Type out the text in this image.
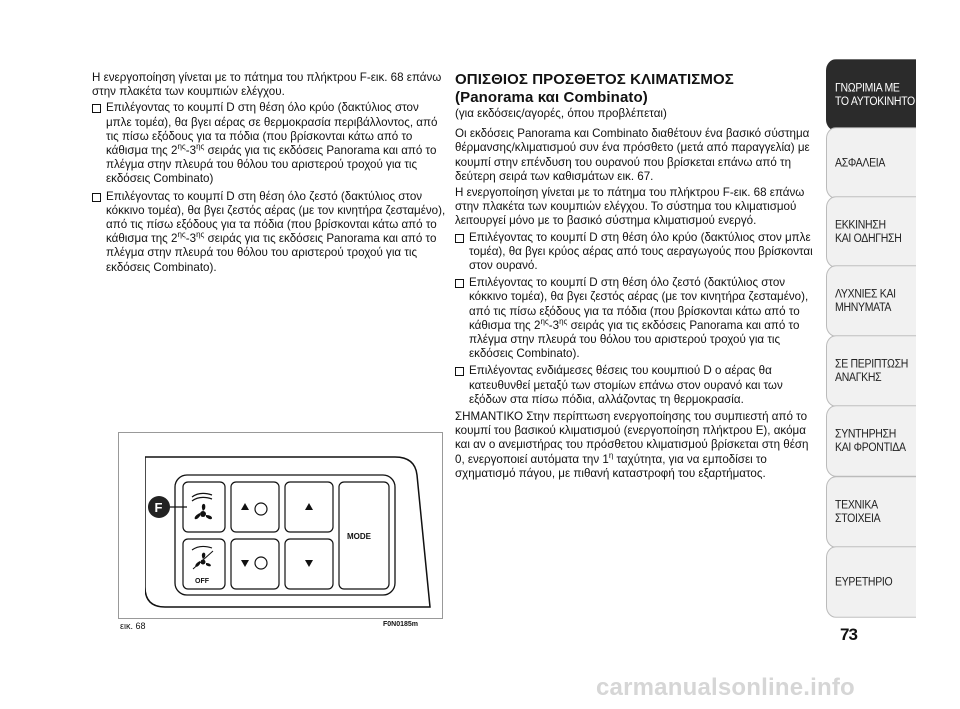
Η ενεργοποίηση γίνεται με το πάτημα του πλήκτρου F-εικ. 68 επάνω στην πλακέτα των κουμπιών ελέγχου.

Επιλέγοντας το κουμπί D στη θέση όλο κρύο (δακτύλιος στον μπλε τομέα), θα βγει αέρας σε θερμοκρασία περιβάλλοντος, από τις πίσω εξόδους για τα πόδια (που βρίσκονται κάτω από το κάθισμα της $2^{\eta\varsigma}-3^{\eta\varsigma}$ σειράς για τις εκδόσεις Panorama και από το πλέγμα στην πλευρά του θόλου του αριστερού τροχού για τις εκδόσεις Combinato)

Επιλέγοντας το κουμπί D στη θέση όλο ζεστό (δακτύλιος στον κόκκινο τομέα), θα βγει ζεστός αέρας (με τον κινητήρα ζεσταμένο), από τις πίσω εξόδους για τα πόδια (που βρίσκονται κάτω από το κάθισμα της $2^{\eta\varsigma}-3^{\eta\varsigma}$ σειράς για τις εκδόσεις Panorama και από το πλέγμα στην πλευρά του θόλου του αριστερού τροχού για τις εκδόσεις Combinato).

OFF
MODE
F
εικ. 68	F0N0185m

ΟΠΙΣΘΙΟΣ ΠΡΟΣΘΕΤΟΣ ΚΛΙΜΑΤΙΣΜΟΣ

(Panorama και Combinato)

(για εκδόσεις/αγορές, όπου προβλέπεται)

Οι εκδόσεις Panorama και Combinato διαθέτουν ένα βασικό σύστημα θέρμανσης/κλιματισμού συν ένα πρόσθετο (μετά από παραγγελία) με κουμπί στην επένδυση του ουρανού που βρίσκεται επάνω από τη δεύτερη σειρά των καθισμάτων εικ. 67.

Η ενεργοποίηση γίνεται με το πάτημα του πλήκτρου F-εικ. 68 επάνω στην πλακέτα των κουμπιών ελέγχου. Το σύστημα του κλιματισμού λειτουργεί μόνο με το βασικό σύστημα κλιματισμού ενεργό.

Επιλέγοντας το κουμπί D στη θέση όλο κρύο (δακτύλιος στον μπλε τομέα), θα βγει κρύος αέρας από τους αεραγωγούς που βρίσκονται στον ουρανό.

Επιλέγοντας το κουμπί D στη θέση όλο ζεστό (δακτύλιος στον κόκκινο τομέα), θα βγει ζεστός αέρας (με τον κινητήρα ζεσταμένο), από τις πίσω εξόδους για τα πόδια (που βρίσκονται κάτω από το κάθισμα της $2^{\eta\varsigma}-3^{\eta\varsigma}$ σειράς για τις εκδόσεις Panorama και από το πλέγμα στην πλευρά του θόλου του αριστερού τροχού για τις εκδόσεις Combinato).

Επιλέγοντας ενδιάμεσες θέσεις του κουμπιού D ο αέρας θα κατευθυνθεί μεταξύ των στομίων επάνω στον ουρανό και των εξόδων στα πίσω πόδια, αλλάζοντας τη θερμοκρασία.

ΣΗΜΑΝΤΙΚΟ Στην περίπτωση ενεργοποίησης του συμπιεστή από το κουμπί του βασικού κλιματισμού (ενεργοποίηση πλήκτρου E), ακόμα και αν ο ανεμιστήρας του πρόσθετου κλιματισμού βρίσκεται στη θέση 0, ενεργοποιεί αυτόματα την $1^\eta$ ταχύτητα, για να εμποδίσει το σχηματισμό πάγου, με πιθανή καταστροφή του εξαρτήματος.

ΓΝΩΡΙΜΙΑ ΜΕ
ΤΟ ΑΥΤΟΚΙΝΗΤΟ
ΑΣΦΑΛΕΙΑ
ΕΚΚΙΝΗΣΗ
ΚΑΙ ΟΔΗΓΗΣΗ
ΛΥΧΝΙΕΣ ΚΑΙ
ΜΗΝΥΜΑΤΑ
ΣΕ ΠΕΡΙΠΤΩΣΗ
ΑΝΑΓΚΗΣ
ΣΥΝΤΗΡΗΣΗ
ΚΑΙ ΦΡΟΝΤΙΔΑ
ΤΕΧΝΙΚΑ
ΣΤΟΙΧΕΙΑ
ΕΥΡΕΤΗΡΙΟ
73
carmanualsonline.info
